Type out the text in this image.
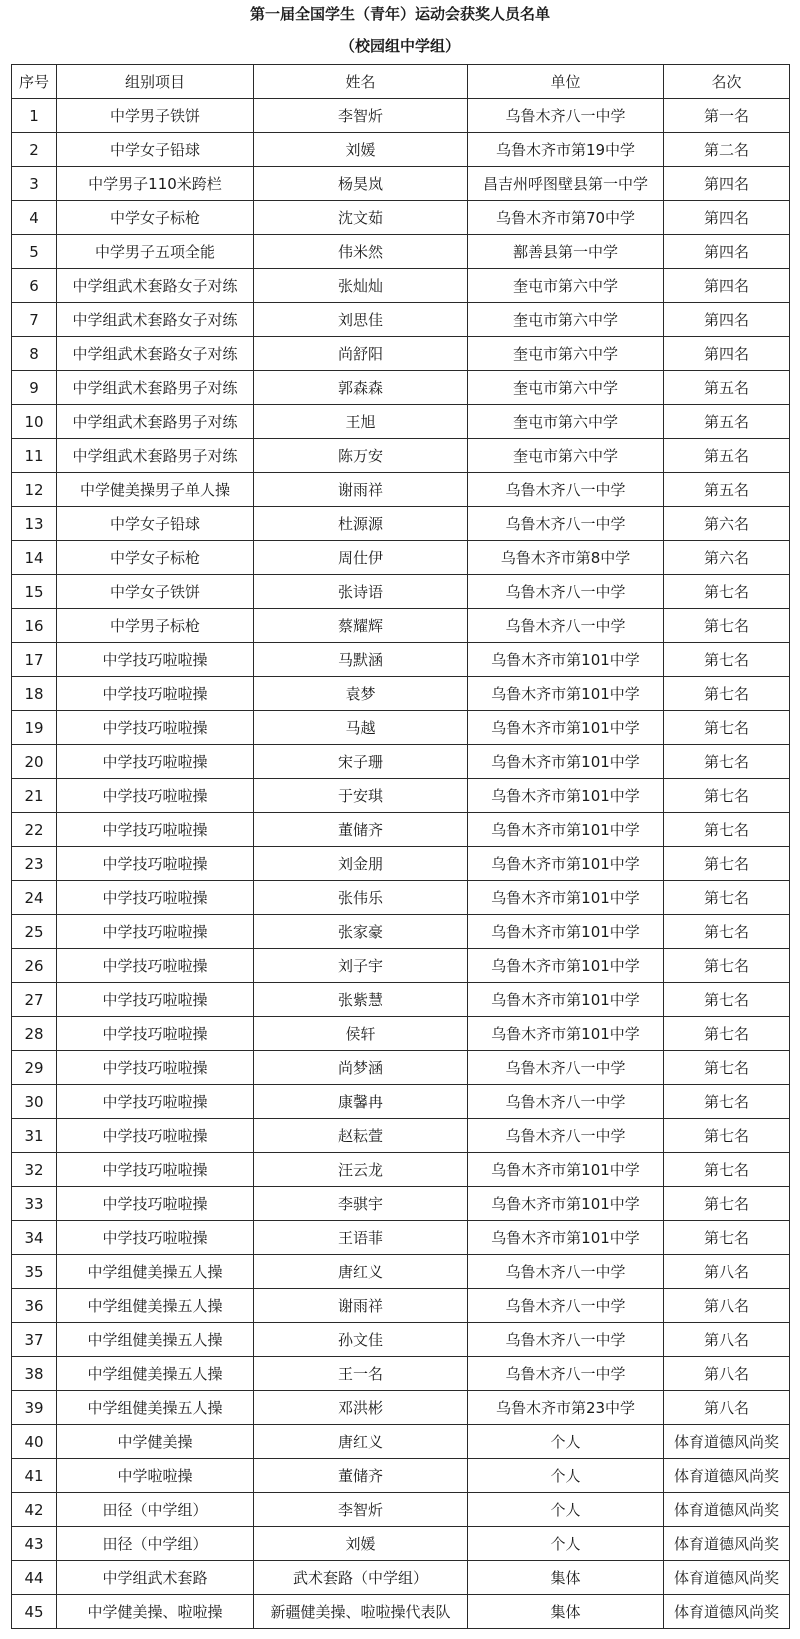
第一届全国学生（青年）运动会获奖人员名单
（校园组中学组）
序号	组别项目	姓名	单位	名次
1	中学男子铁饼	李智炘	乌鲁木齐八一中学	第一名
2	中学女子铅球	刘媛	乌鲁木齐市第19中学	第二名
3	中学男子110米跨栏	杨昊岚	昌吉州呼图壁县第一中学	第四名
4	中学女子标枪	沈文茹	乌鲁木齐市第70中学	第四名
5	中学男子五项全能	伟米然	鄯善县第一中学	第四名
6	中学组武术套路女子对练	张灿灿	奎屯市第六中学	第四名
7	中学组武术套路女子对练	刘思佳	奎屯市第六中学	第四名
8	中学组武术套路女子对练	尚舒阳	奎屯市第六中学	第四名
9	中学组武术套路男子对练	郭森森	奎屯市第六中学	第五名
10	中学组武术套路男子对练	王旭	奎屯市第六中学	第五名
11	中学组武术套路男子对练	陈万安	奎屯市第六中学	第五名
12	中学健美操男子单人操	谢雨祥	乌鲁木齐八一中学	第五名
13	中学女子铅球	杜源源	乌鲁木齐八一中学	第六名
14	中学女子标枪	周仕伊	乌鲁木齐市第8中学	第六名
15	中学女子铁饼	张诗语	乌鲁木齐八一中学	第七名
16	中学男子标枪	蔡耀辉	乌鲁木齐八一中学	第七名
17	中学技巧啦啦操	马默涵	乌鲁木齐市第101中学	第七名
18	中学技巧啦啦操	袁梦	乌鲁木齐市第101中学	第七名
19	中学技巧啦啦操	马越	乌鲁木齐市第101中学	第七名
20	中学技巧啦啦操	宋子珊	乌鲁木齐市第101中学	第七名
21	中学技巧啦啦操	于安琪	乌鲁木齐市第101中学	第七名
22	中学技巧啦啦操	董储齐	乌鲁木齐市第101中学	第七名
23	中学技巧啦啦操	刘金朋	乌鲁木齐市第101中学	第七名
24	中学技巧啦啦操	张伟乐	乌鲁木齐市第101中学	第七名
25	中学技巧啦啦操	张家豪	乌鲁木齐市第101中学	第七名
26	中学技巧啦啦操	刘子宇	乌鲁木齐市第101中学	第七名
27	中学技巧啦啦操	张紫慧	乌鲁木齐市第101中学	第七名
28	中学技巧啦啦操	侯轩	乌鲁木齐市第101中学	第七名
29	中学技巧啦啦操	尚梦涵	乌鲁木齐八一中学	第七名
30	中学技巧啦啦操	康馨冉	乌鲁木齐八一中学	第七名
31	中学技巧啦啦操	赵耘萱	乌鲁木齐八一中学	第七名
32	中学技巧啦啦操	汪云龙	乌鲁木齐市第101中学	第七名
33	中学技巧啦啦操	李骐宇	乌鲁木齐市第101中学	第七名
34	中学技巧啦啦操	王语菲	乌鲁木齐市第101中学	第七名
35	中学组健美操五人操	唐红义	乌鲁木齐八一中学	第八名
36	中学组健美操五人操	谢雨祥	乌鲁木齐八一中学	第八名
37	中学组健美操五人操	孙文佳	乌鲁木齐八一中学	第八名
38	中学组健美操五人操	王一名	乌鲁木齐八一中学	第八名
39	中学组健美操五人操	邓洪彬	乌鲁木齐市第23中学	第八名
40	中学健美操	唐红义	个人	体育道德风尚奖
41	中学啦啦操	董储齐	个人	体育道德风尚奖
42	田径（中学组）	李智炘	个人	体育道德风尚奖
43	田径（中学组）	刘媛	个人	体育道德风尚奖
44	中学组武术套路	武术套路（中学组）	集体	体育道德风尚奖
45	中学健美操、啦啦操	新疆健美操、啦啦操代表队	集体	体育道德风尚奖
